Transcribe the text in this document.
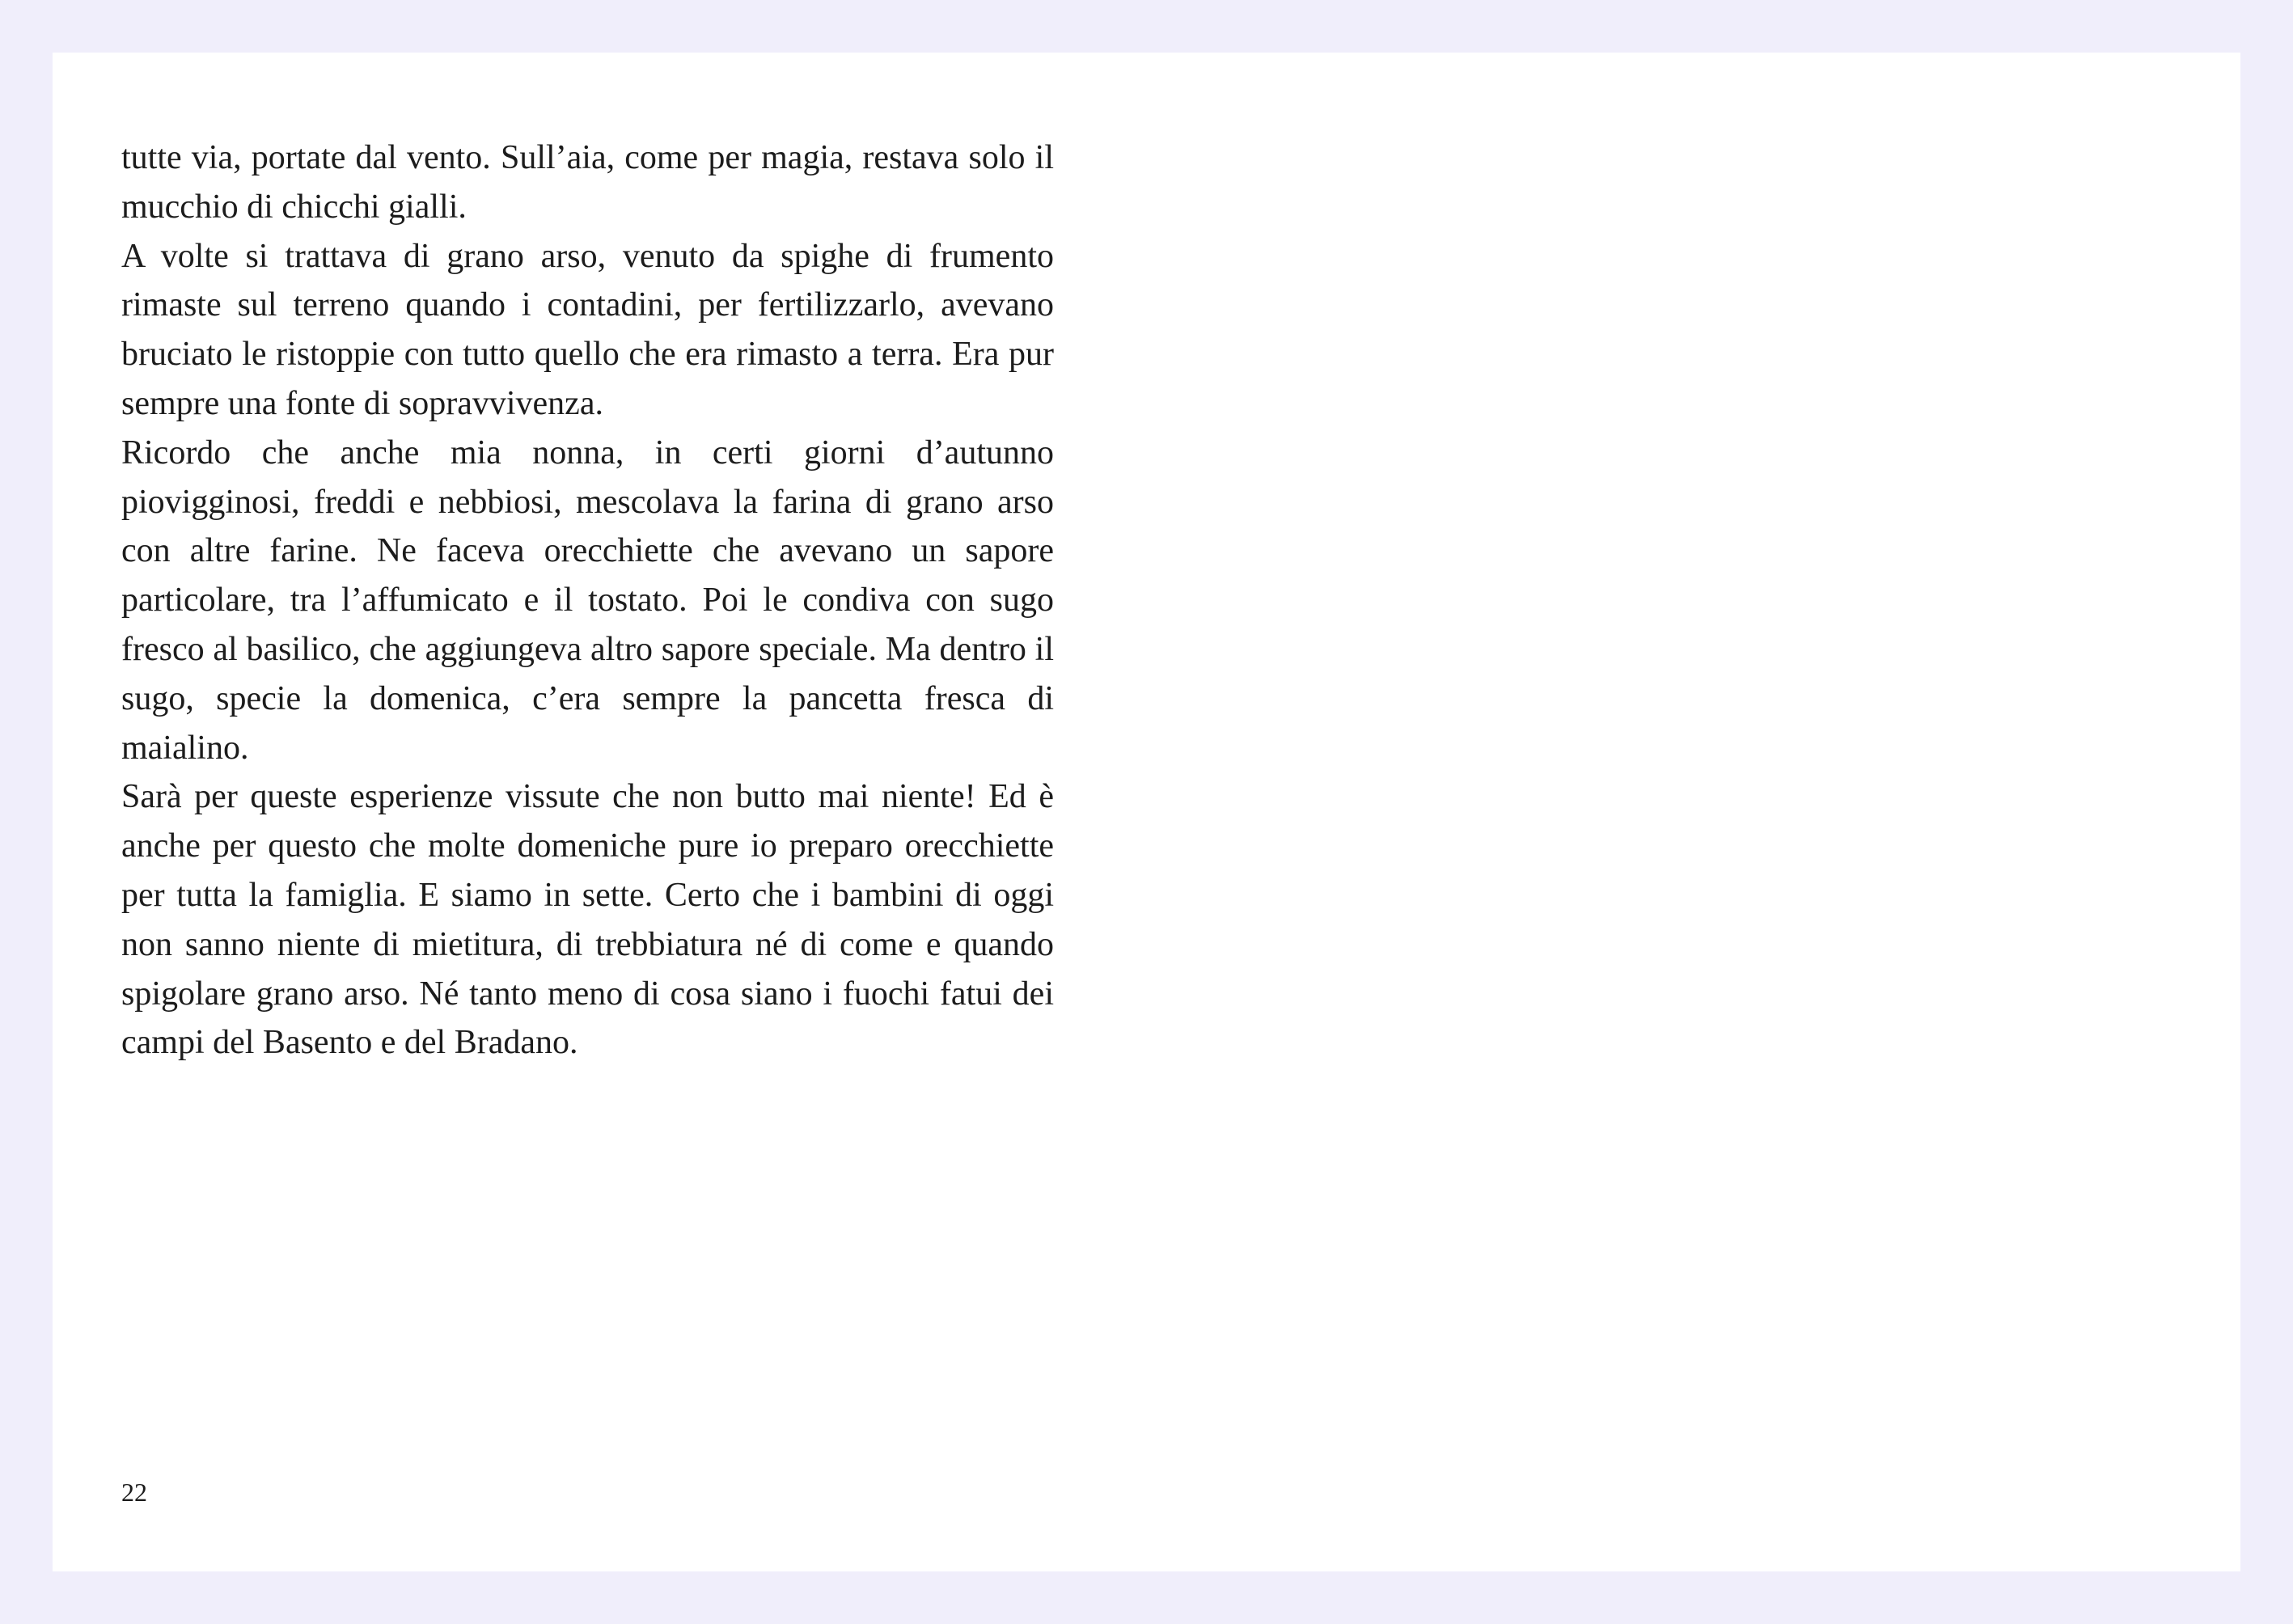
tutte via, portate dal vento. Sull’aia, come per magia, restava solo il mucchio di chicchi gialli.

A volte si trattava di grano arso, venuto da spighe di frumento rimaste sul terreno quando i contadini, per fertilizzarlo, avevano bruciato le ristoppie con tutto quello che era rimasto a terra. Era pur sempre una fonte di sopravvivenza.

Ricordo che anche mia nonna, in certi giorni d’autunno piovigginosi, freddi e nebbiosi, mescolava la farina di grano arso con altre farine. Ne faceva orecchiette che avevano un sapore particolare, tra l’affumicato e il tostato. Poi le condiva con sugo fresco al basilico, che aggiungeva altro sapore speciale. Ma dentro il sugo, specie la domenica, c’era sempre la pancetta fresca di maialino.

Sarà per queste esperienze vissute che non butto mai niente! Ed è anche per questo che molte domeniche pure io preparo orecchiette per tutta la famiglia. E siamo in sette. Certo che i bambini di oggi non sanno niente di mietitura, di trebbiatura né di come e quando spigolare grano arso. Né tanto meno di cosa siano i fuochi fatui dei campi del Basento e del Bradano.

22
